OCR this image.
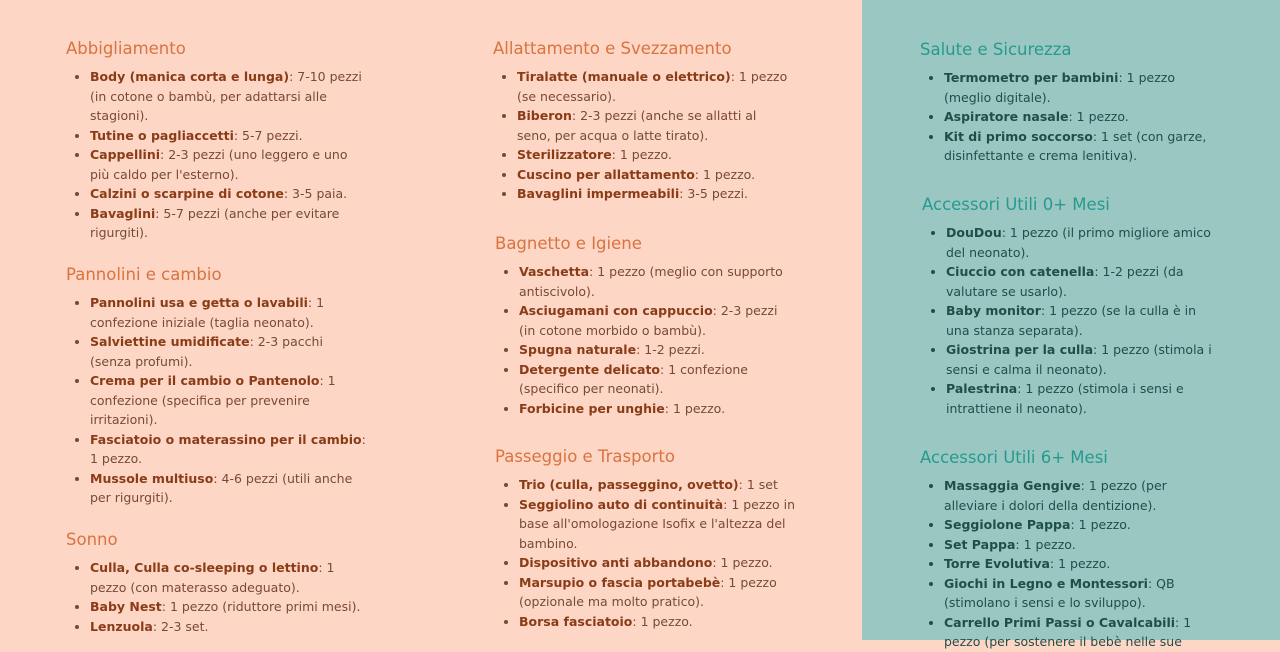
Abbigliamento
Body (manica corta e lunga): 7-10 pezzi (in cotone o bambù, per adattarsi alle stagioni).
Tutine o pagliaccetti: 5-7 pezzi.
Cappellini: 2-3 pezzi (uno leggero e uno più caldo per l'esterno).
Calzini o scarpine di cotone: 3-5 paia.
Bavaglini: 5-7 pezzi (anche per evitare rigurgiti).
Pannolini e cambio
Pannolini usa e getta o lavabili: 1 confezione iniziale (taglia neonato).
Salviettine umidificate: 2-3 pacchi (senza profumi).
Crema per il cambio o Pantenolo: 1 confezione (specifica per prevenire irritazioni).
Fasciatoio o materassino per il cambio: 1 pezzo.
Mussole multiuso: 4-6 pezzi (utili anche per rigurgiti).
Sonno
Culla, Culla co-sleeping o lettino: 1 pezzo (con materasso adeguato).
Baby Nest: 1 pezzo (riduttore primi mesi).
Lenzuola: 2-3 set.
Allattamento e Svezzamento
Tiralatte (manuale o elettrico): 1 pezzo (se necessario).
Biberon: 2-3 pezzi (anche se allatti al seno, per acqua o latte tirato).
Sterilizzatore: 1 pezzo.
Cuscino per allattamento: 1 pezzo.
Bavaglini impermeabili: 3-5 pezzi.
Bagnetto e Igiene
Vaschetta: 1 pezzo (meglio con supporto antiscivolo).
Asciugamani con cappuccio: 2-3 pezzi (in cotone morbido o bambù).
Spugna naturale: 1-2 pezzi.
Detergente delicato: 1 confezione (specifico per neonati).
Forbicine per unghie: 1 pezzo.
Passeggio e Trasporto
Trio (culla, passeggino, ovetto): 1 set
Seggiolino auto di continuità: 1 pezzo in base all'omologazione Isofix e l'altezza del bambino.
Dispositivo anti abbandono: 1 pezzo.
Marsupio o fascia portabebè: 1 pezzo (opzionale ma molto pratico).
Borsa fasciatoio: 1 pezzo.
Salute e Sicurezza
Termometro per bambini: 1 pezzo (meglio digitale).
Aspiratore nasale: 1 pezzo.
Kit di primo soccorso: 1 set (con garze, disinfettante e crema lenitiva).
Accessori Utili 0+ Mesi
DouDou: 1 pezzo (il primo migliore amico del neonato).
Ciuccio con catenella: 1-2 pezzi (da valutare se usarlo).
Baby monitor: 1 pezzo (se la culla è in una stanza separata).
Giostrina per la culla: 1 pezzo (stimola i sensi e calma il neonato).
Palestrina: 1 pezzo (stimola i sensi e intrattiene il neonato).
Accessori Utili 6+ Mesi
Massaggia Gengive: 1 pezzo (per alleviare i dolori della dentizione).
Seggiolone Pappa: 1 pezzo.
Set Pappa: 1 pezzo.
Torre Evolutiva: 1 pezzo.
Giochi in Legno e Montessori: QB (stimolano i sensi e lo sviluppo).
Carrello Primi Passi o Cavalcabili: 1 pezzo (per sostenere il bebè nelle sue
